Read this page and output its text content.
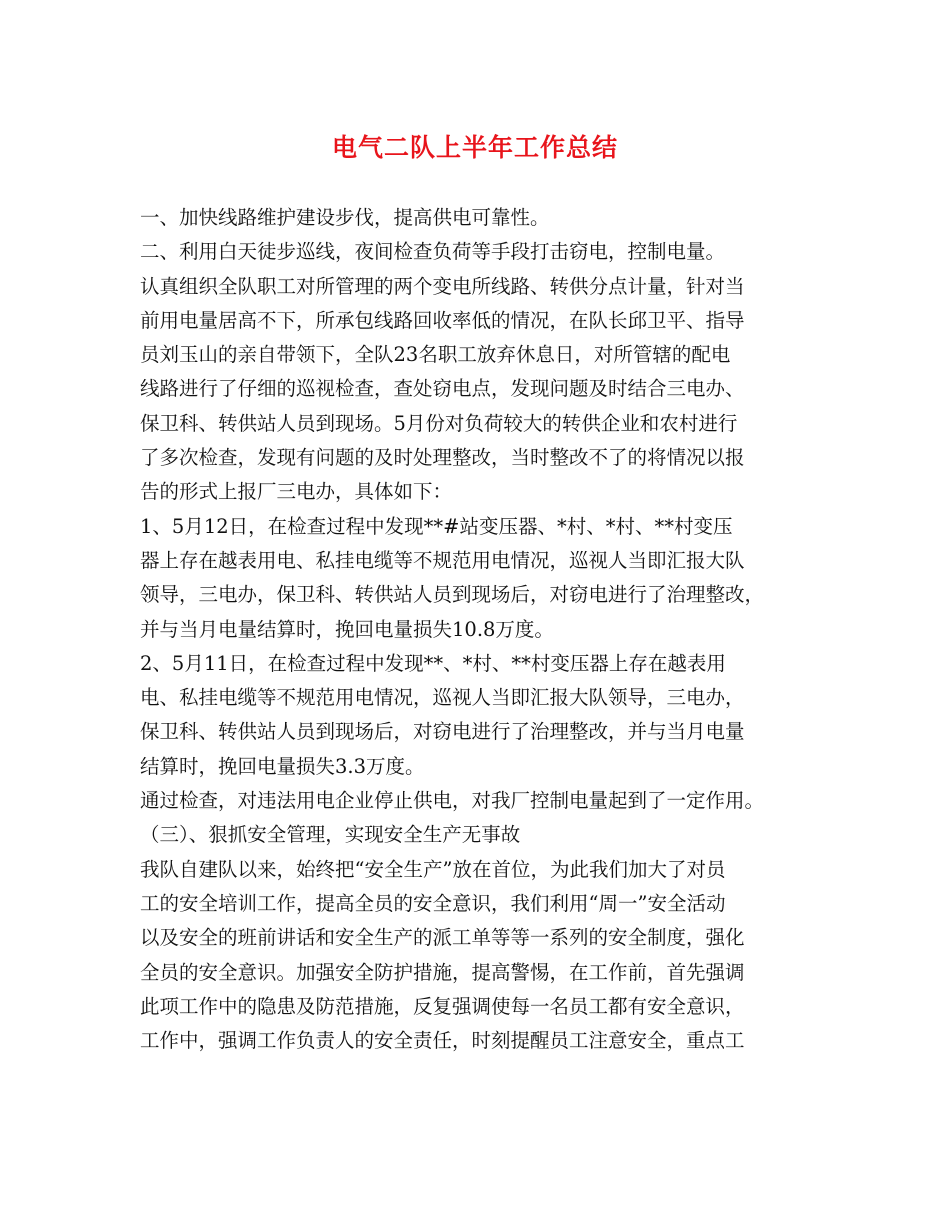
电气二队上半年工作总结
一、加快线路维护建设步伐，提高供电可靠性。
二、利用白天徒步巡线，夜间检查负荷等手段打击窃电，控制电量。
认真组织全队职工对所管理的两个变电所线路、转供分点计量，针对当
前用电量居高不下，所承包线路回收率低的情况，在队长邱卫平、指导
员刘玉山的亲自带领下，全队23名职工放弃休息日，对所管辖的配电
线路进行了仔细的巡视检查，查处窃电点，发现问题及时结合三电办、
保卫科、转供站人员到现场。5月份对负荷较大的转供企业和农村进行
了多次检查，发现有问题的及时处理整改，当时整改不了的将情况以报
告的形式上报厂三电办，具体如下：
1、5月12日，在检查过程中发现**#站变压器、*村、*村、**村变压
器上存在越表用电、私挂电缆等不规范用电情况，巡视人当即汇报大队
领导，三电办，保卫科、转供站人员到现场后，对窃电进行了治理整改，
并与当月电量结算时，挽回电量损失10.8万度。
2、5月11日，在检查过程中发现**、*村、**村变压器上存在越表用
电、私挂电缆等不规范用电情况，巡视人当即汇报大队领导，三电办，
保卫科、转供站人员到现场后，对窃电进行了治理整改，并与当月电量
结算时，挽回电量损失3.3万度。
通过检查，对违法用电企业停止供电，对我厂控制电量起到了一定作用。
（三）、狠抓安全管理，实现安全生产无事故
我队自建队以来，始终把“安全生产”放在首位，为此我们加大了对员
工的安全培训工作，提高全员的安全意识，我们利用“周一”安全活动
以及安全的班前讲话和安全生产的派工单等等一系列的安全制度，强化
全员的安全意识。加强安全防护措施，提高警惕，在工作前，首先强调
此项工作中的隐患及防范措施，反复强调使每一名员工都有安全意识，
工作中，强调工作负责人的安全责任，时刻提醒员工注意安全，重点工
